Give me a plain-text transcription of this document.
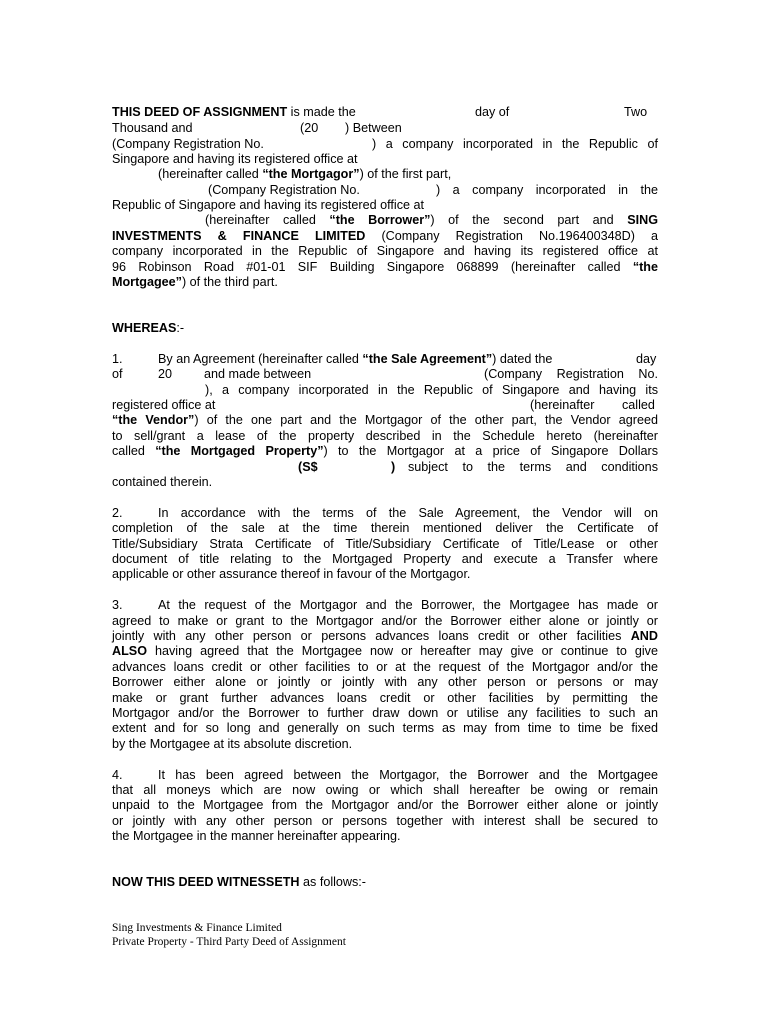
THIS DEED OF ASSIGNMENT is made the	day of	Two
Thousand and	(20 ) Between
(Company Registration No.	) a company incorporated in the Republic of
Singapore and having its registered office at
(hereinafter called “the Mortgagor”) of the first part,
(Company Registration No.	) a company incorporated in the
Republic of Singapore and having its registered office at
(hereinafter called “the Borrower”) of the second part and SING
INVESTMENTS & FINANCE LIMITED (Company Registration No.196400348D) a
company incorporated in the Republic of Singapore and having its registered office at
96 Robinson Road #01-01 SIF Building Singapore 068899 (hereinafter called “the
Mortgagee”) of the third part.
WHEREAS:-
1.	By an Agreement (hereinafter called “the Sale Agreement”) dated the	day
of	20	and made between	(Company Registration No.
), a company incorporated in the Republic of Singapore and having its
registered office at	(hereinafter called
“the Vendor”) of the one part and the Mortgagor of the other part, the Vendor agreed
to sell/grant a lease of the property described in the Schedule hereto (hereinafter
called “the Mortgaged Property”) to the Mortgagor at a price of Singapore Dollars
(S$	) subject to the terms and conditions
contained therein.
2.	In accordance with the terms of the Sale Agreement, the Vendor will on
completion of the sale at the time therein mentioned deliver the Certificate of
Title/Subsidiary Strata Certificate of Title/Subsidiary Certificate of Title/Lease or other
document of title relating to the Mortgaged Property and execute a Transfer where
applicable or other assurance thereof in favour of the Mortgagor.
3.	At the request of the Mortgagor and the Borrower, the Mortgagee has made or
agreed to make or grant to the Mortgagor and/or the Borrower either alone or jointly or
jointly with any other person or persons advances loans credit or other facilities AND
ALSO having agreed that the Mortgagee now or hereafter may give or continue to give
advances loans credit or other facilities to or at the request of the Mortgagor and/or the
Borrower either alone or jointly or jointly with any other person or persons or may
make or grant further advances loans credit or other facilities by permitting the
Mortgagor and/or the Borrower to further draw down or utilise any facilities to such an
extent and for so long and generally on such terms as may from time to time be fixed
by the Mortgagee at its absolute discretion.
4.	It has been agreed between the Mortgagor, the Borrower and the Mortgagee
that all moneys which are now owing or which shall hereafter be owing or remain
unpaid to the Mortgagee from the Mortgagor and/or the Borrower either alone or jointly
or jointly with any other person or persons together with interest shall be secured to
the Mortgagee in the manner hereinafter appearing.
NOW THIS DEED WITNESSETH as follows:-
Sing Investments & Finance Limited
Private Property - Third Party Deed of Assignment
